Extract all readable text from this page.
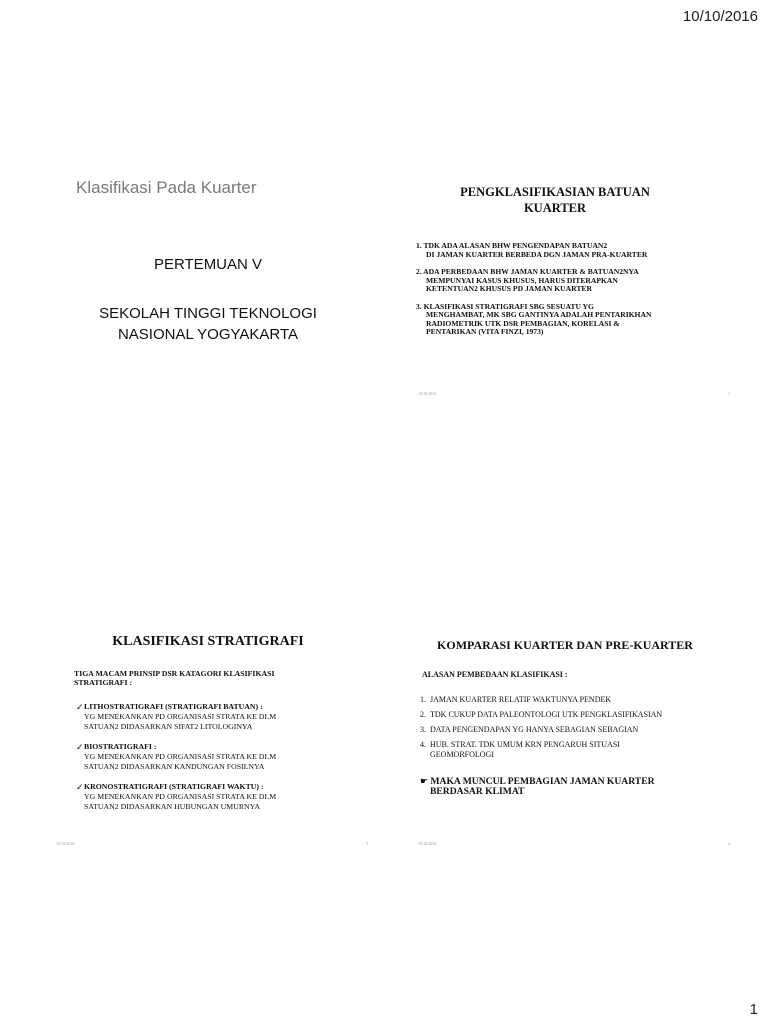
10/10/2016
Klasifikasi Pada Kuarter
PERTEMUAN V
SEKOLAH TINGGI TEKNOLOGI
NASIONAL YOGYAKARTA
PENGKLASIFIKASIAN BATUAN
KUARTER
1. TDK ADA ALASAN BHW PENGENDAPAN BATUAN2
DI JAMAN KUARTER BERBEDA DGN JAMAN PRA-KUARTER
2. ADA PERBEDAAN BHW JAMAN KUARTER & BATUAN2NYA
MEMPUNYAI KASUS KHUSUS, HARUS DITERAPKAN
KETENTUAN2 KHUSUS PD JAMAN KUARTER
3. KLASIFIKASI STRATIGRAFI SBG SESUATU YG
MENGHAMBAT, MK SBG GANTINYA ADALAH PENTARIKHAN
RADIOMETRIK UTK DSR PEMBAGIAN, KORELASI &
PENTARIKAN (VITA FINZI, 1973)
10/10/2016	2
KLASIFIKASI STRATIGRAFI
TIGA MACAM PRINSIP DSR KATAGORI KLASIFIKASI
STRATIGRAFI :
✓ LITHOSTRATIGRAFI (STRATIGRAFI BATUAN) :
YG MENEKANKAN PD ORGANISASI STRATA KE DLM
SATUAN2 DIDASARKAN SIFAT2 LITOLOGINYA
✓ BIOSTRATIGRAFI :
YG MENEKANKAN PD ORGANISASI STRATA KE DLM
SATUAN2 DIDASARKAN KANDUNGAN FOSILNYA
✓ KRONOSTRATIGRAFI (STRATIGRAFI WAKTU) :
YG MENEKANKAN PD ORGANISASI STRATA KE DLM
SATUAN2 DIDASARKAN HUBUNGAN UMURNYA
10/10/2016	3
KOMPARASI KUARTER DAN PRE-KUARTER
ALASAN PEMBEDAAN KLASIFIKASI :
1. JAMAN KUARTER RELATIF WAKTUNYA PENDEK
2. TDK CUKUP DATA PALEONTOLOGI UTK PENGKLASIFIKASIAN
3. DATA PENGENDAPAN YG HANYA SEBAGIAN SEBAGIAN
4. HUB. STRAT. TDK UMUM KRN PENGARUH SITUASI
GEOMORFOLOGI
☛ MAKA MUNCUL PEMBAGIAN JAMAN KUARTER
BERDASAR KLIMAT
10/10/2016	4
1
